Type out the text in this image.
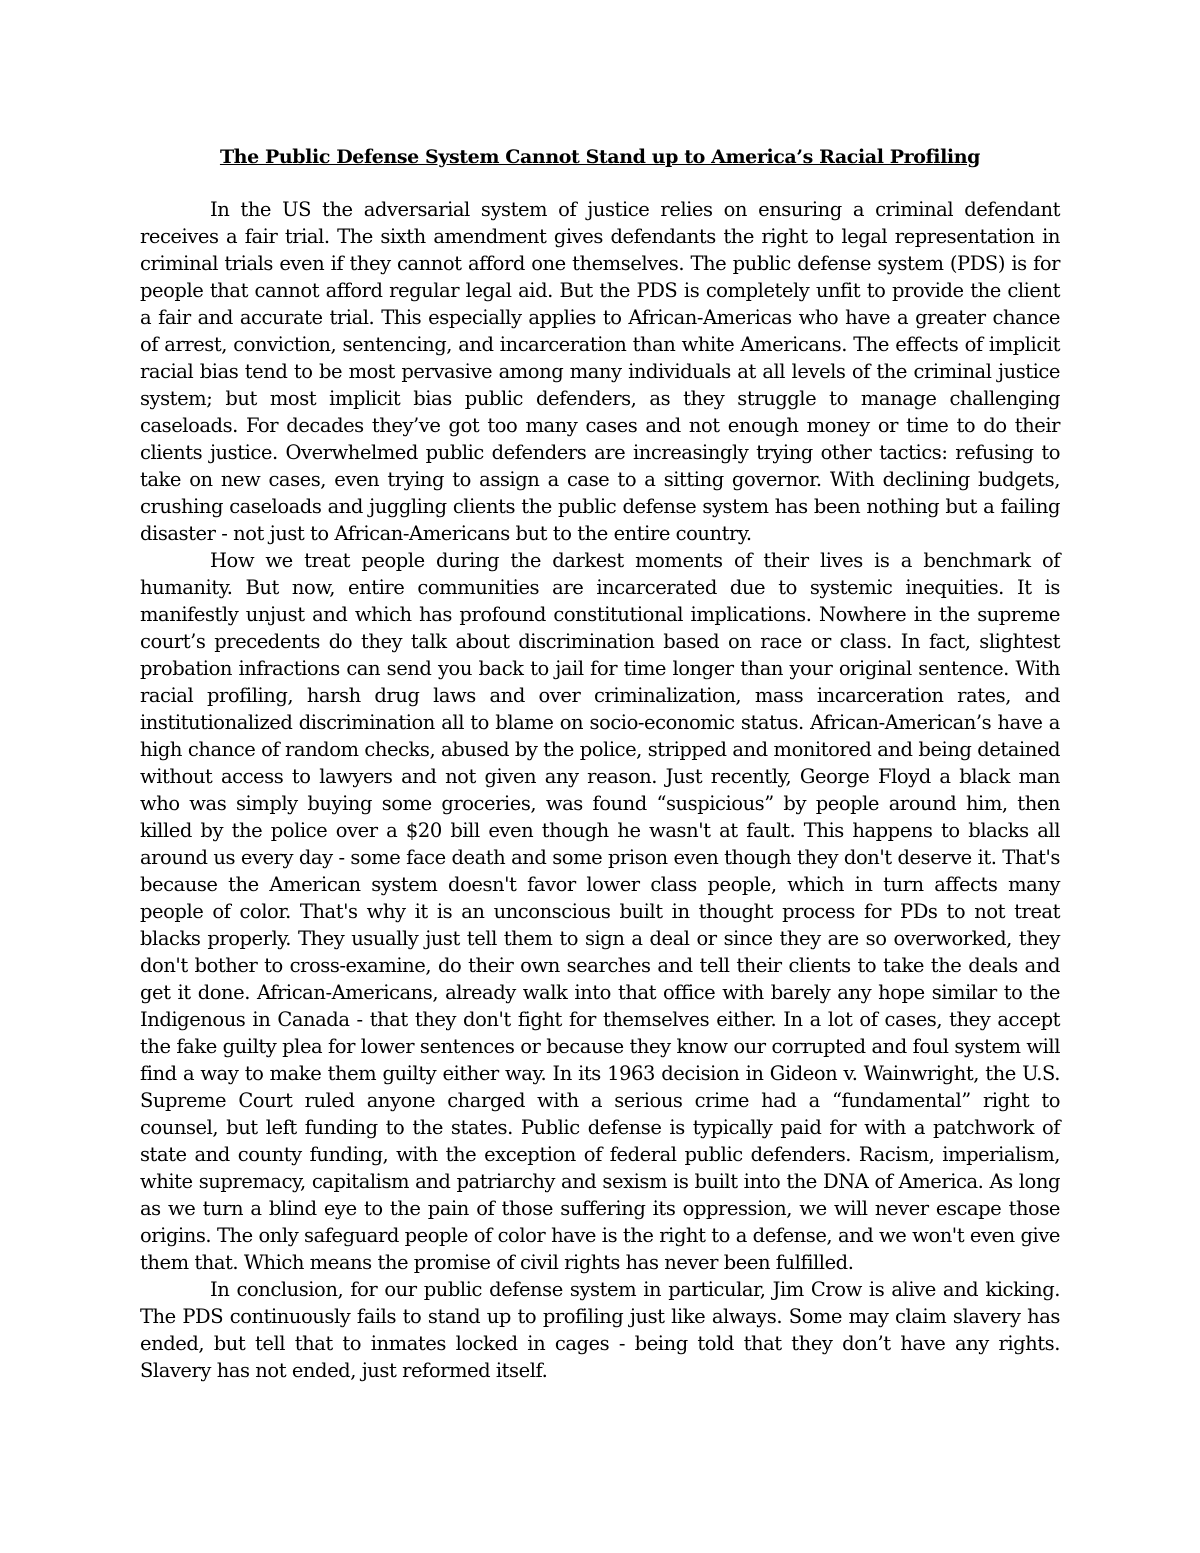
The Public Defense System Cannot Stand up to America’s Racial Profiling

In the US the adversarial system of justice relies on ensuring a criminal defendant receives a fair trial. The sixth amendment gives defendants the right to legal representation in criminal trials even if they cannot afford one themselves. The public defense system (PDS) is for people that cannot afford regular legal aid. But the PDS is completely unfit to provide the client a fair and accurate trial. This especially applies to African-Americas who have a greater chance of arrest, conviction, sentencing, and incarceration than white Americans. The effects of implicit racial bias tend to be most pervasive among many individuals at all levels of the criminal justice system; but most implicit bias public defenders, as they struggle to manage challenging caseloads. For decades they’ve got too many cases and not enough money or time to do their clients justice. Overwhelmed public defenders are increasingly trying other tactics: refusing to take on new cases, even trying to assign a case to a sitting governor. With declining budgets, crushing caseloads and juggling clients the public defense system has been nothing but a failing disaster - not just to African-Americans but to the entire country.

How we treat people during the darkest moments of their lives is a benchmark of humanity. But now, entire communities are incarcerated due to systemic inequities. It is manifestly unjust and which has profound constitutional implications. Nowhere in the supreme court’s precedents do they talk about discrimination based on race or class. In fact, slightest probation infractions can send you back to jail for time longer than your original sentence. With racial profiling, harsh drug laws and over criminalization, mass incarceration rates, and institutionalized discrimination all to blame on socio-economic status. African-American’s have a high chance of random checks, abused by the police, stripped and monitored and being detained without access to lawyers and not given any reason. Just recently, George Floyd a black man who was simply buying some groceries, was found “suspicious” by people around him, then killed by the police over a $20 bill even though he wasn't at fault. This happens to blacks all around us every day - some face death and some prison even though they don't deserve it. That's because the American system doesn't favor lower class people, which in turn affects many people of color. That's why it is an unconscious built in thought process for PDs to not treat blacks properly. They usually just tell them to sign a deal or since they are so overworked, they don't bother to cross-examine, do their own searches and tell their clients to take the deals and get it done. African-Americans, already walk into that office with barely any hope similar to the Indigenous in Canada - that they don't fight for themselves either. In a lot of cases, they accept the fake guilty plea for lower sentences or because they know our corrupted and foul system will find a way to make them guilty either way. In its 1963 decision in Gideon v. Wainwright, the U.S. Supreme Court ruled anyone charged with a serious crime had a “fundamental” right to counsel, but left funding to the states. Public defense is typically paid for with a patchwork of state and county funding, with the exception of federal public defenders. Racism, imperialism, white supremacy, capitalism and patriarchy and sexism is built into the DNA of America. As long as we turn a blind eye to the pain of those suffering its oppression, we will never escape those origins. The only safeguard people of color have is the right to a defense, and we won't even give them that. Which means the promise of civil rights has never been fulfilled.

In conclusion, for our public defense system in particular, Jim Crow is alive and kicking. The PDS continuously fails to stand up to profiling just like always. Some may claim slavery has ended, but tell that to inmates locked in cages - being told that they don’t have any rights. Slavery has not ended, just reformed itself.
